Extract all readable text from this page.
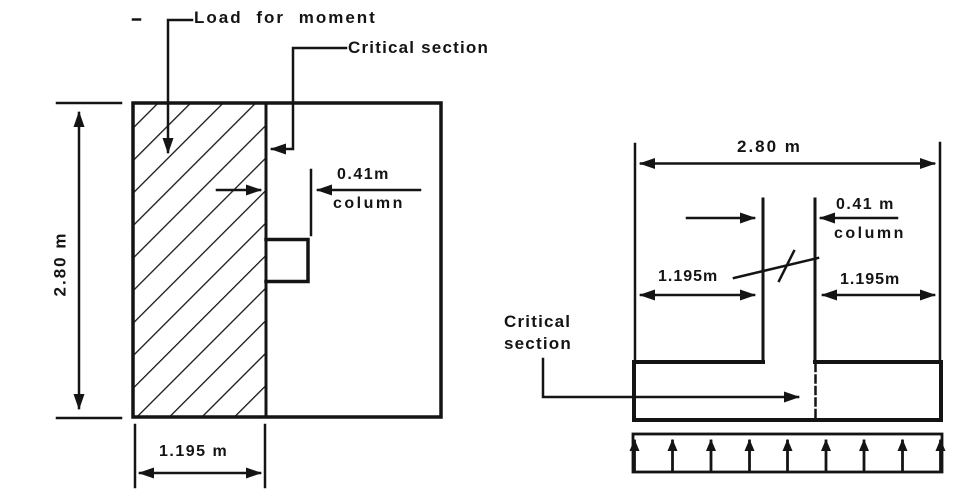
Load for moment
Critical section
0.41m
column
2.80 m
1.195 m
2.80 m
0.41 m
column
1.195m	1.195m
Critical
section
